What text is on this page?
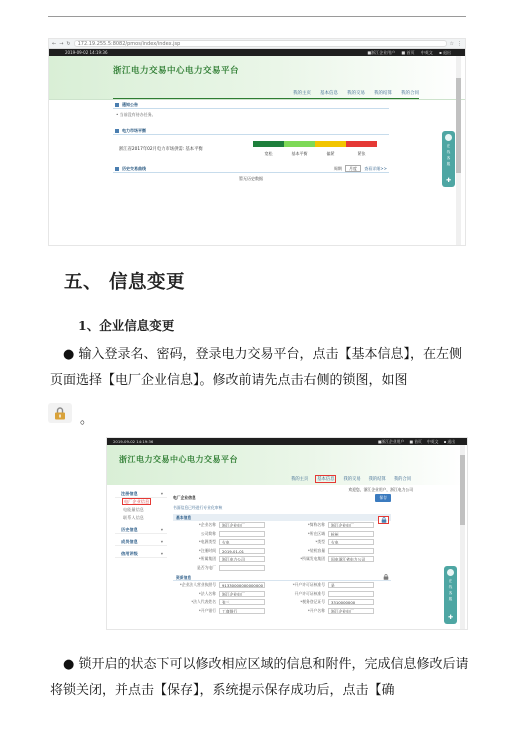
← → ↻	172.19.255.5:8082/pmos/index/index.jsp	☆ ⋮
2019-09-02 14:19:36	■浙江企业用户 ■ 首页 中英文 ▪ 退出
浙江电力交易中心电力交易平台
我的主页 基本信息 我的交易 我的结算 我的合同
通知公告
• 当前没有待办任务。
电力市场平衡
浙江省2017年02月电力市场供需: 基本平衡
宽松	基本平衡	偏紧	紧张
历史交易曲线	周期 月度 查看详细>>
暂无历史数据
在
线
客
服
✚
五、 信息变更
1、企业信息变更
● 输入登录名、密码，登录电力交易平台，点击【基本信息】，在左侧页面选择【电厂企业信息】。修改前请先点击右侧的锁图，如图
。
2019-09-02 14:19:36	■浙江企业用户 ■ 首页 中英文 ▪ 退出
浙江电力交易中心电力交易平台
我的主页 基本信息 我的交易 我的结算 我的合同
欢迎您，浙江企业用户，浙江电力公司
注册信息	▾
电厂企业信息
电能量信息
联系人信息
历史信息	▾
成员信息	▾
信用评级	▾
电厂企业信息	保存
书面信息已经进行专业化审核
基本信息
*企业名称	浙江企业电厂	*简称名称	浙江企业电厂
公司简称	*所在区域	杭州
*电源类型	火电	*类型	火电
*注册时间	2019-01-01	*装机容量
*所属集团	浙江电力公司	*所属发电集团	国电浙江省电力公司
是否为电厂
资质信息
*企业法人营业执照号	91330000000000000	*开户许可证核准号	是
*法人名称	浙江企业电厂	开户许可证核准号
*法人代表姓名	张三	*税务登记证号	3310000000
*开户银行	工商银行	*开户名称	浙江企业电厂
在
线
客
服
✚
● 锁开启的状态下可以修改相应区域的信息和附件，完成信息修改后请将锁关闭，并点击【保存】，系统提示保存成功后，点击【确
